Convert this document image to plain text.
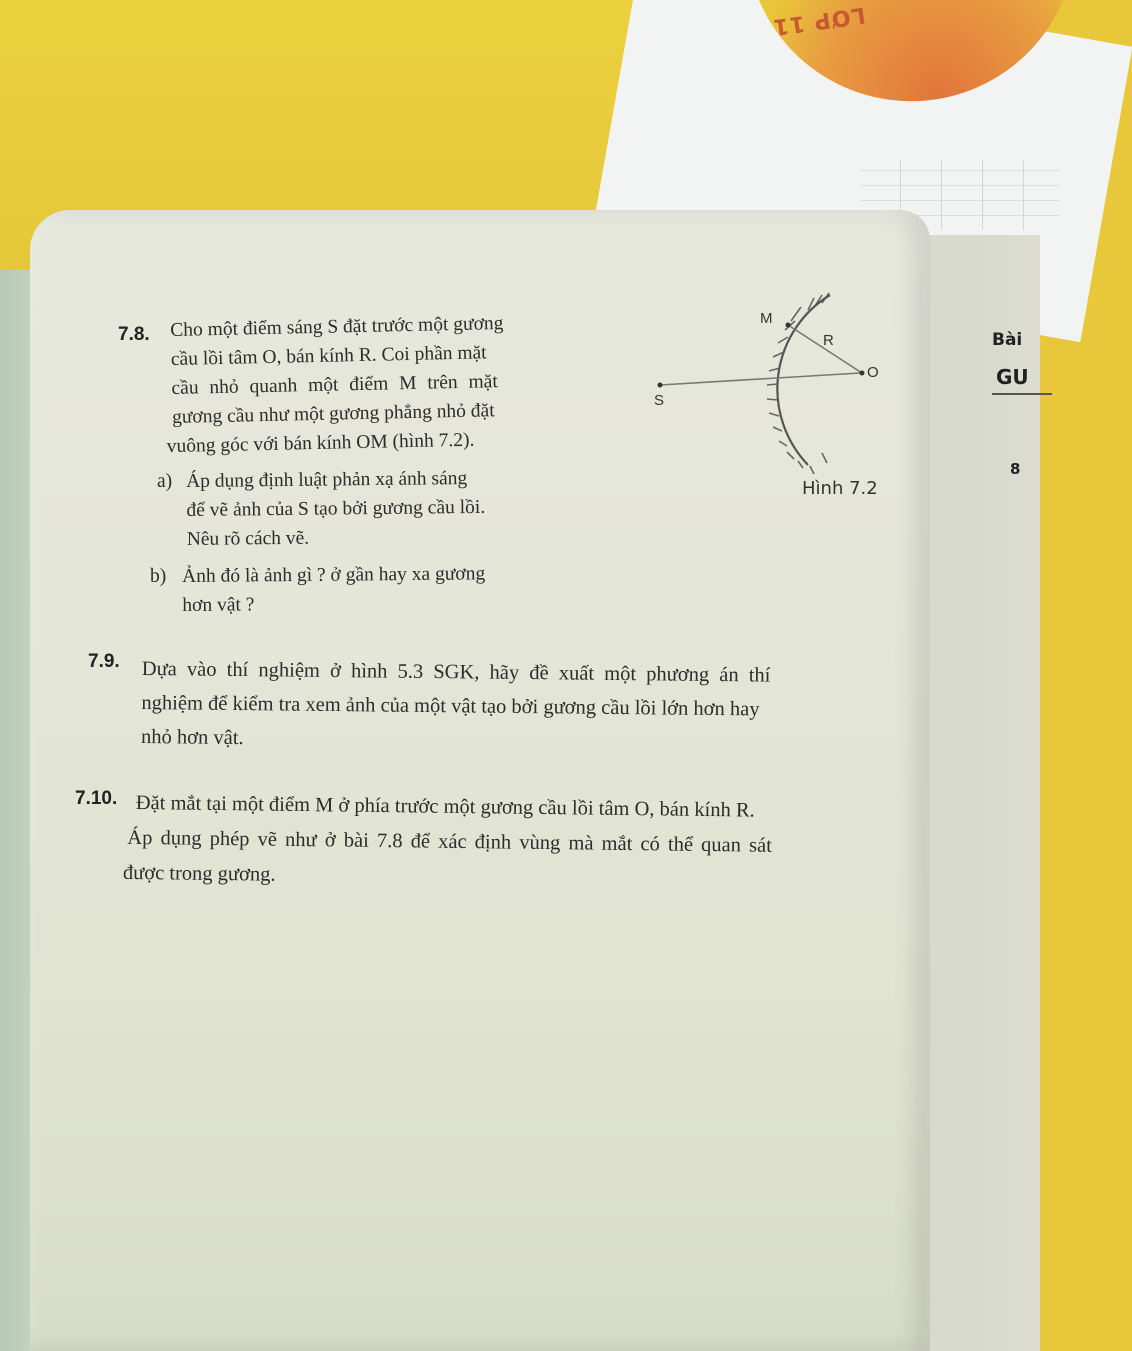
LƠP 11
Bài
GU
8
7.8. Cho một điểm sáng S đặt trước một gương
cầu lồi tâm O, bán kính R. Coi phần mặt
cầu nhỏ quanh một điểm M trên mặt
gương cầu như một gương phẳng nhỏ đặt
vuông góc với bán kính OM (hình 7.2).
a) Áp dụng định luật phản xạ ánh sáng
để vẽ ảnh của S tạo bởi gương cầu lồi.
Nêu rõ cách vẽ.
b) Ảnh đó là ảnh gì ? ở gần hay xa gương
hơn vật ?
M
R
O
S
Hình 7.2
7.9. Dựa vào thí nghiệm ở hình 5.3 SGK, hãy đề xuất một phương án thí
nghiệm để kiểm tra xem ảnh của một vật tạo bởi gương cầu lồi lớn hơn hay
nhỏ hơn vật.
7.10. Đặt mắt tại một điểm M ở phía trước một gương cầu lồi tâm O, bán kính R.
Áp dụng phép vẽ như ở bài 7.8 để xác định vùng mà mắt có thể quan sát
được trong gương.
